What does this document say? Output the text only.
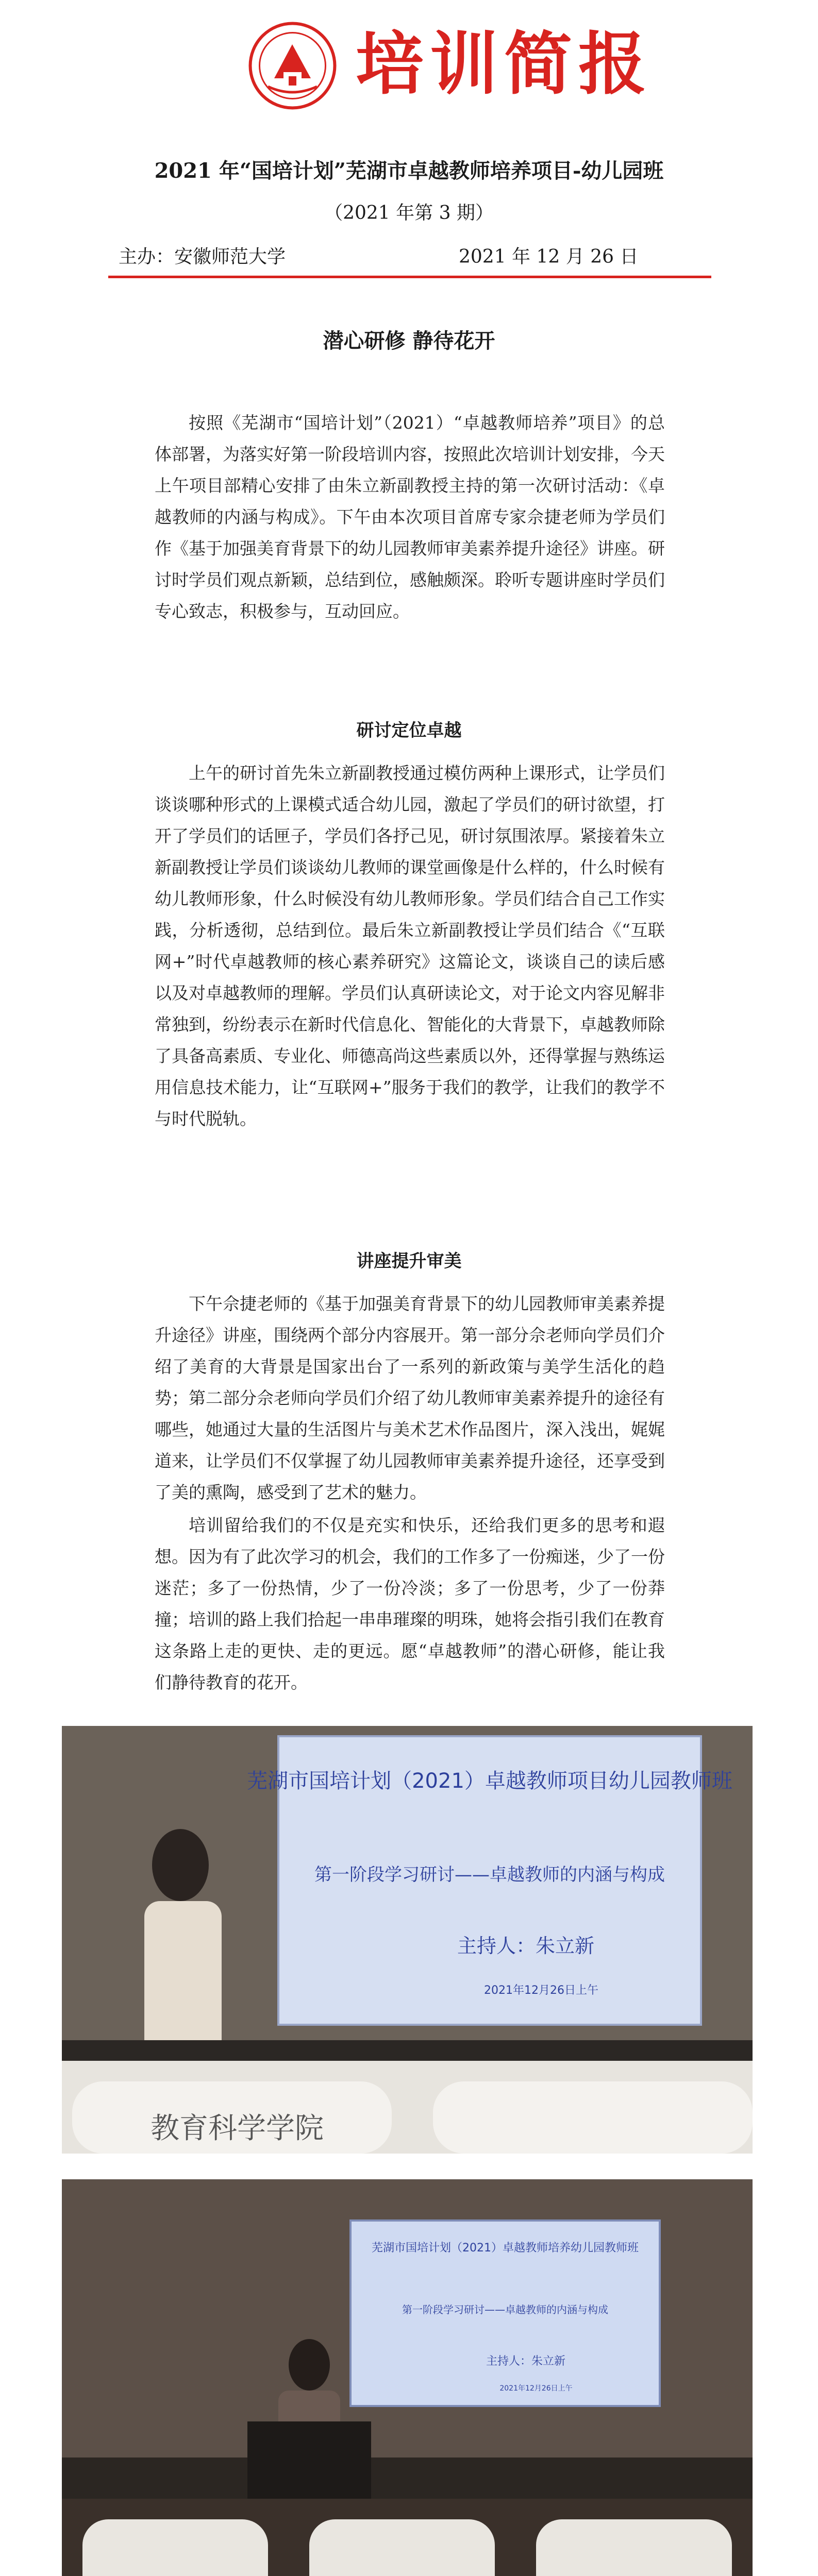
培训简报
2021 年“国培计划”芜湖市卓越教师培养项目-幼儿园班
（2021 年第 3 期）
主办：安徽师范大学	2021 年 12 月 26 日
潜心研修 静待花开
按照《芜湖市“国培计划”（2021）“卓越教师培养”项目》的总体部署，为落实好第一阶段培训内容，按照此次培训计划安排，今天上午项目部精心安排了由朱立新副教授主持的第一次研讨活动：《卓越教师的内涵与构成》。下午由本次项目首席专家佘捷老师为学员们作《基于加强美育背景下的幼儿园教师审美素养提升途径》讲座。研讨时学员们观点新颖，总结到位，感触颇深。聆听专题讲座时学员们专心致志，积极参与，互动回应。
研讨定位卓越
上午的研讨首先朱立新副教授通过模仿两种上课形式，让学员们谈谈哪种形式的上课模式适合幼儿园，激起了学员们的研讨欲望，打开了学员们的话匣子，学员们各抒己见，研讨氛围浓厚。紧接着朱立新副教授让学员们谈谈幼儿教师的课堂画像是什么样的，什么时候有幼儿教师形象，什么时候没有幼儿教师形象。学员们结合自己工作实践，分析透彻，总结到位。最后朱立新副教授让学员们结合《“互联网+”时代卓越教师的核心素养研究》这篇论文，谈谈自己的读后感以及对卓越教师的理解。学员们认真研读论文，对于论文内容见解非常独到，纷纷表示在新时代信息化、智能化的大背景下，卓越教师除了具备高素质、专业化、师德高尚这些素质以外，还得掌握与熟练运用信息技术能力，让“互联网+”服务于我们的教学，让我们的教学不与时代脱轨。
讲座提升审美
下午佘捷老师的《基于加强美育背景下的幼儿园教师审美素养提升途径》讲座，围绕两个部分内容展开。第一部分佘老师向学员们介绍了美育的大背景是国家出台了一系列的新政策与美学生活化的趋势；第二部分佘老师向学员们介绍了幼儿教师审美素养提升的途径有哪些，她通过大量的生活图片与美术艺术作品图片，深入浅出，娓娓道来，让学员们不仅掌握了幼儿园教师审美素养提升途径，还享受到了美的熏陶，感受到了艺术的魅力。
培训留给我们的不仅是充实和快乐，还给我们更多的思考和遐想。因为有了此次学习的机会，我们的工作多了一份痴迷，少了一份迷茫；多了一份热情，少了一份冷淡；多了一份思考，少了一份莽撞；培训的路上我们拾起一串串璀璨的明珠，她将会指引我们在教育这条路上走的更快、走的更远。愿“卓越教师”的潜心研修，能让我们静待教育的花开。
芜湖市国培计划（2021）卓越教师项目幼儿园教师班
第一阶段学习研讨——卓越教师的内涵与构成
主持人：朱立新
2021年12月26日上午
教育科学学院
芜湖市国培计划（2021）卓越教师培养幼儿园教师班
第一阶段学习研讨——卓越教师的内涵与构成
主持人：朱立新
2021年12月26日上午
